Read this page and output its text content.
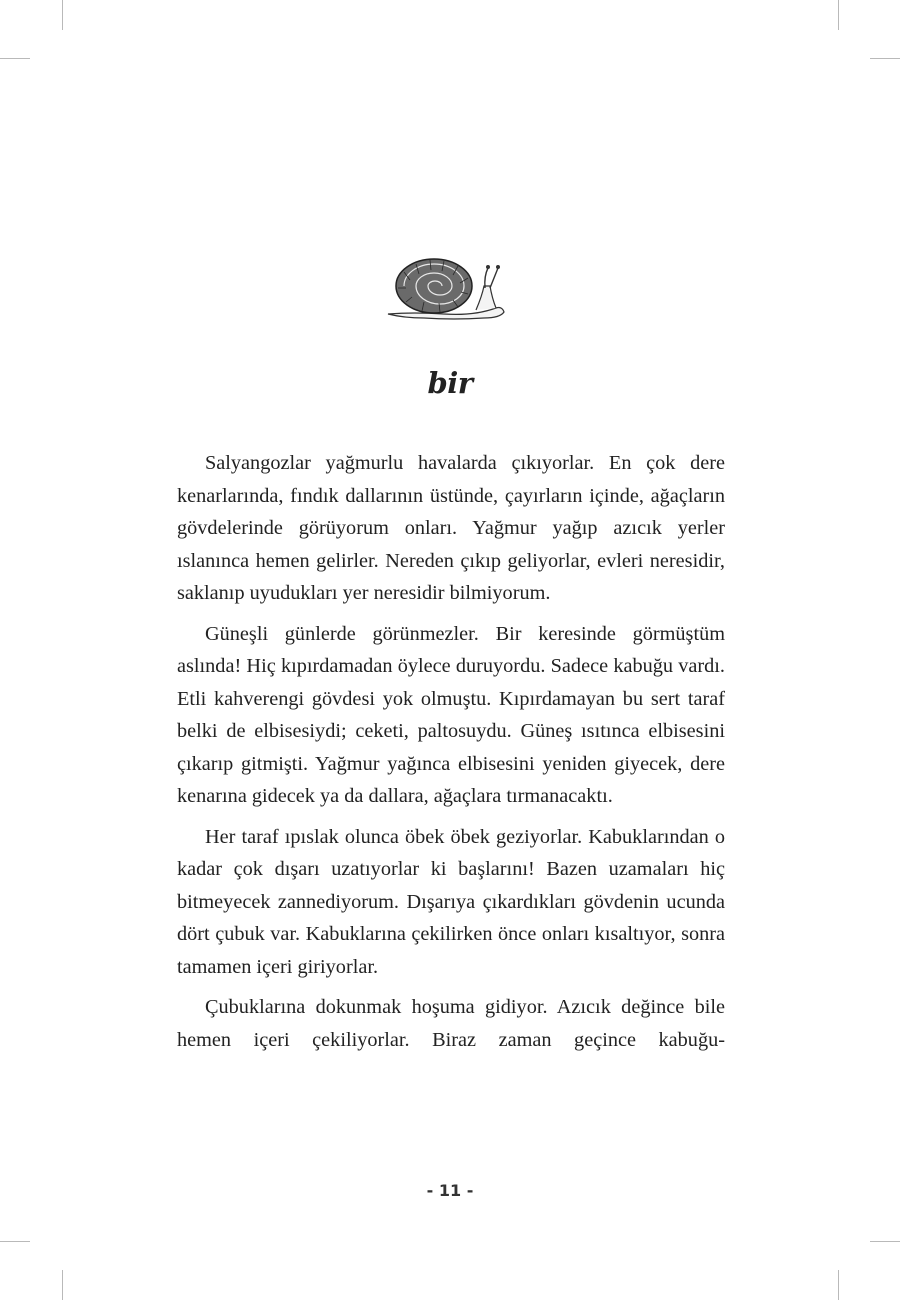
bir

Salyangozlar yağmurlu havalarda çıkıyorlar. En çok dere kenarlarında, fındık dallarının üstünde, çayırların içinde, ağaçların gövdelerinde görüyorum onları. Yağmur yağıp azıcık yerler ıslanınca hemen gelirler. Nereden çıkıp geliyorlar, evleri neresidir, saklanıp uyudukları yer neresidir bilmiyorum.

Güneşli günlerde görünmezler. Bir keresinde görmüştüm aslında! Hiç kıpırdamadan öylece duruyordu. Sadece kabuğu vardı. Etli kahverengi gövdesi yok olmuştu. Kıpırdamayan bu sert taraf belki de elbisesiydi; ceketi, paltosuydu. Güneş ısıtınca elbisesini çıkarıp gitmişti. Yağmur yağınca elbisesini yeniden giyecek, dere kenarına gidecek ya da dallara, ağaçlara tırmanacaktı.

Her taraf ıpıslak olunca öbek öbek geziyorlar. Kabuklarından o kadar çok dışarı uzatıyorlar ki başlarını! Bazen uzamaları hiç bitmeyecek zannediyorum. Dışarıya çıkardıkları gövdenin ucunda dört çubuk var. Kabuklarına çekilirken önce onları kısaltıyor, sonra tamamen içeri giriyorlar.

Çubuklarına dokunmak hoşuma gidiyor. Azıcık değince bile hemen içeri çekiliyorlar. Biraz zaman geçince kabuğu-

- 11 -
